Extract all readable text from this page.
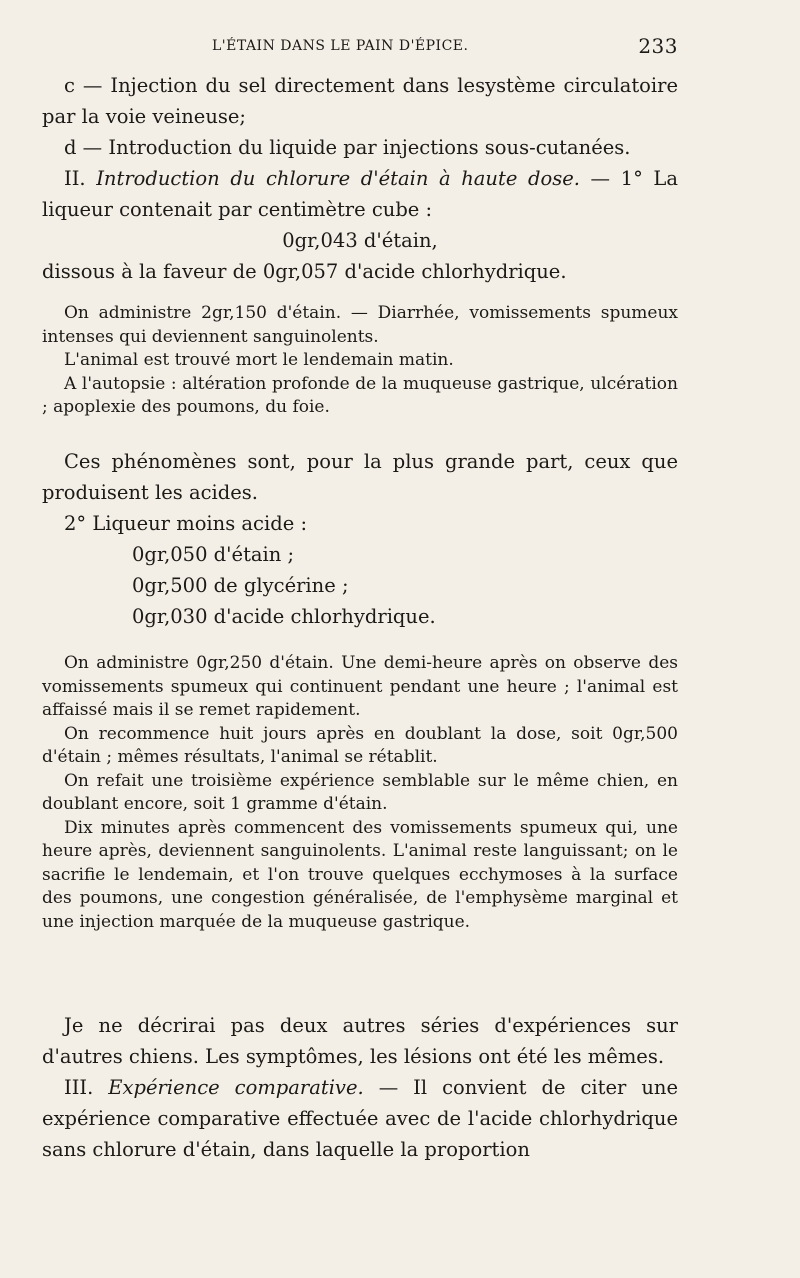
L'ÉTAIN DANS LE PAIN D'ÉPICE.	233

c — Injection du sel directement dans lesystème circulatoire par la voie veineuse;

d — Introduction du liquide par injections sous-cutanées.

II. Introduction du chlorure d'étain à haute dose. — 1° La liqueur contenait par centimètre cube :

0gr,043 d'étain,

dissous à la faveur de 0gr,057 d'acide chlorhydrique.

On administre 2gr,150 d'étain. — Diarrhée, vomissements spumeux intenses qui deviennent sanguinolents.

L'animal est trouvé mort le lendemain matin.

A l'autopsie : altération profonde de la muqueuse gastrique, ulcération ; apoplexie des poumons, du foie.

Ces phénomènes sont, pour la plus grande part, ceux que produisent les acides.

2° Liqueur moins acide :

0gr,050 d'étain ;
0gr,500 de glycérine ;
0gr,030 d'acide chlorhydrique.

On administre 0gr,250 d'étain. Une demi-heure après on observe des vomissements spumeux qui continuent pendant une heure ; l'animal est affaissé mais il se remet rapidement.

On recommence huit jours après en doublant la dose, soit 0gr,500 d'étain ; mêmes résultats, l'animal se rétablit.

On refait une troisième expérience semblable sur le même chien, en doublant encore, soit 1 gramme d'étain.

Dix minutes après commencent des vomissements spumeux qui, une heure après, deviennent sanguinolents. L'animal reste languissant; on le sacrifie le lendemain, et l'on trouve quelques ecchymoses à la surface des poumons, une congestion généralisée, de l'emphysème marginal et une injection marquée de la muqueuse gastrique.

Je ne décrirai pas deux autres séries d'expériences sur d'autres chiens. Les symptômes, les lésions ont été les mêmes.

III. Expérience comparative. — Il convient de citer une expérience comparative effectuée avec de l'acide chlorhydrique sans chlorure d'étain, dans laquelle la proportion
